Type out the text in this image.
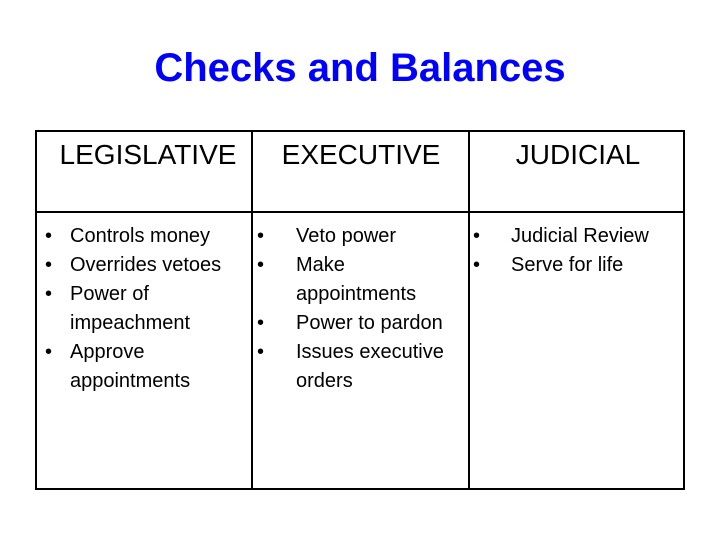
Checks and Balances
LEGISLATIVE	EXECUTIVE	JUDICIAL
• Controls money
• Overrides vetoes
• Power of impeachment
• Approve appointments
• Veto power
• Make appointments
• Power to pardon
• Issues executive orders
• Judicial Review
• Serve for life
